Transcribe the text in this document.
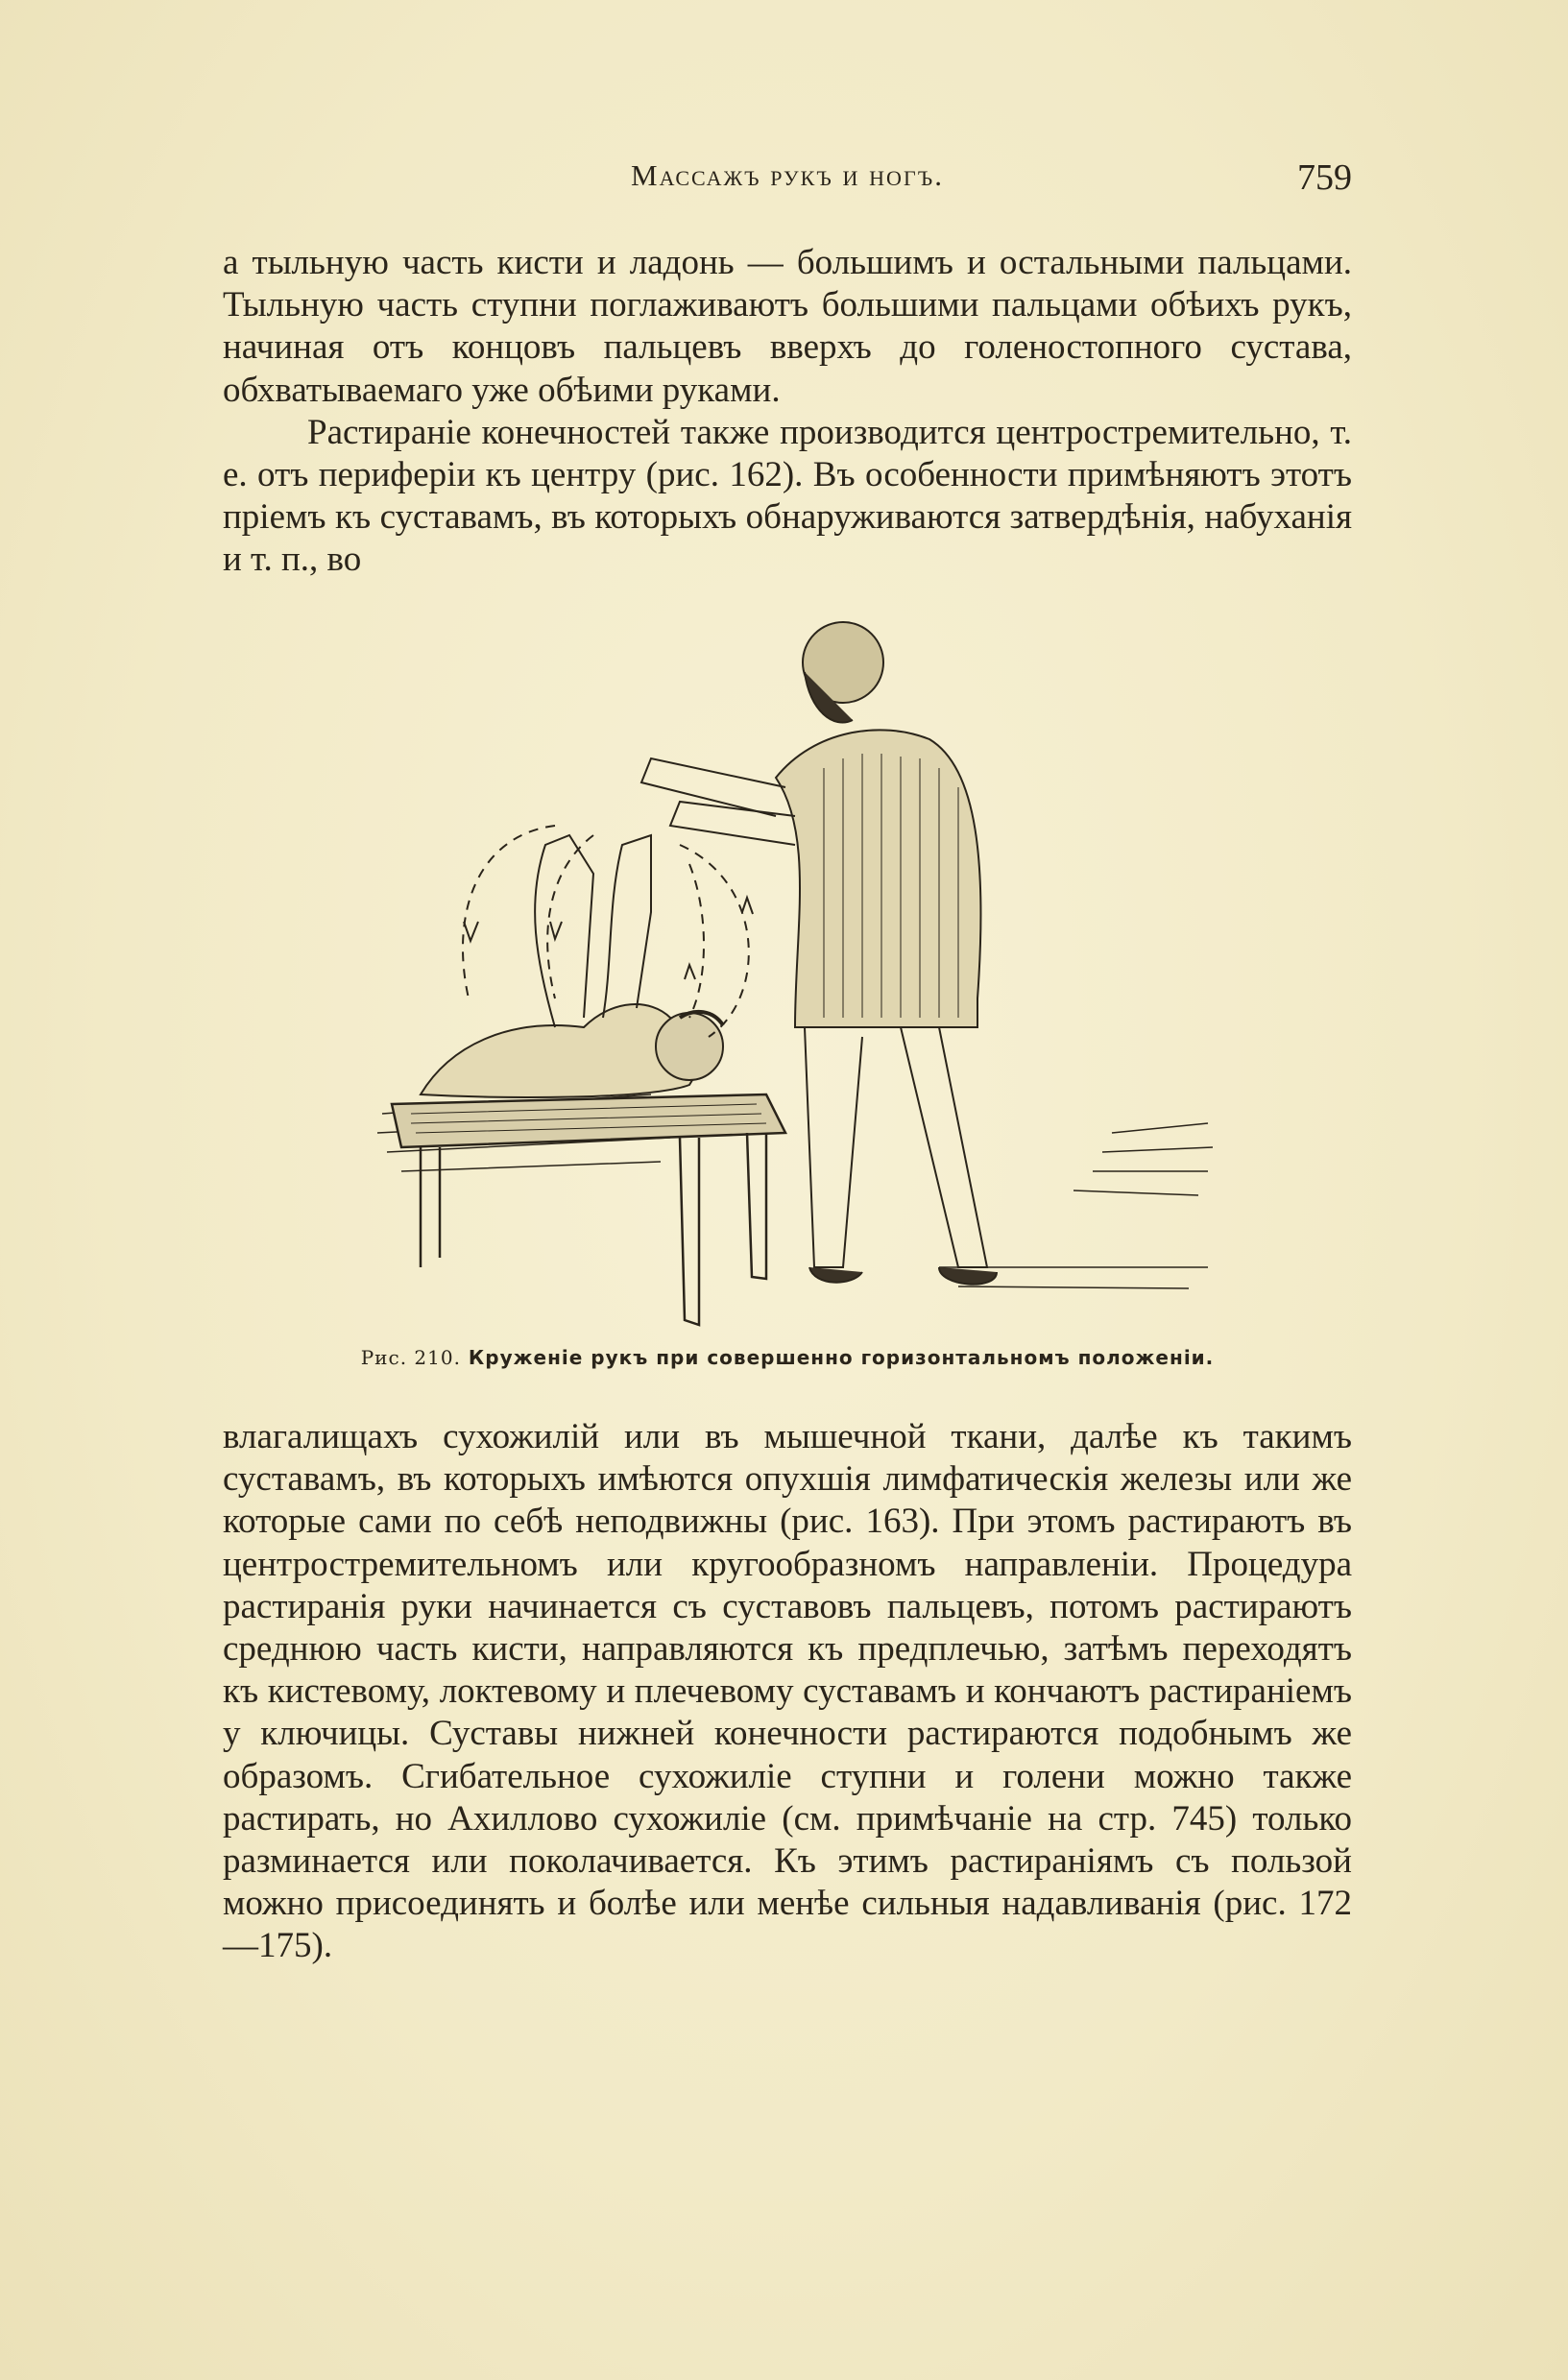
Массажъ рукъ и ногъ.	759

а тыльную часть кисти и ладонь — большимъ и остальными пальцами. Тыльную часть ступни поглаживаютъ большими пальцами обѣихъ рукъ, начиная отъ концовъ пальцевъ вверхъ до голеностопного сустава, обхватываемаго уже обѣими руками.

Растираніе конечностей также производится центростремительно, т. е. отъ периферіи къ центру (рис. 162). Въ особенности примѣняютъ этотъ пріемъ къ суставамъ, въ которыхъ обнаруживаются затвердѣнія, набуханія и т. п., во

Рис. 210. Круженіе рукъ при совершенно горизонтальномъ положеніи.

влагалищахъ сухожилій или въ мышечной ткани, далѣе къ такимъ суставамъ, въ которыхъ имѣются опухшія лимфатическія железы или же которые сами по себѣ неподвижны (рис. 163). При этомъ растираютъ въ центростремительномъ или кругообразномъ направленіи. Процедура растиранія руки начинается съ суставовъ пальцевъ, потомъ растираютъ среднюю часть кисти, направляются къ предплечью, затѣмъ переходятъ къ кистевому, локтевому и плечевому суставамъ и кончаютъ растираніемъ у ключицы. Суставы нижней конечности растираются подобнымъ же образомъ. Сгибательное сухожиліе ступни и голени можно также растирать, но Ахиллово сухожиліе (см. примѣчаніе на стр. 745) только разминается или поколачивается. Къ этимъ растираніямъ съ пользой можно присоединять и болѣе или менѣе сильныя надавливанія (рис. 172—175).
